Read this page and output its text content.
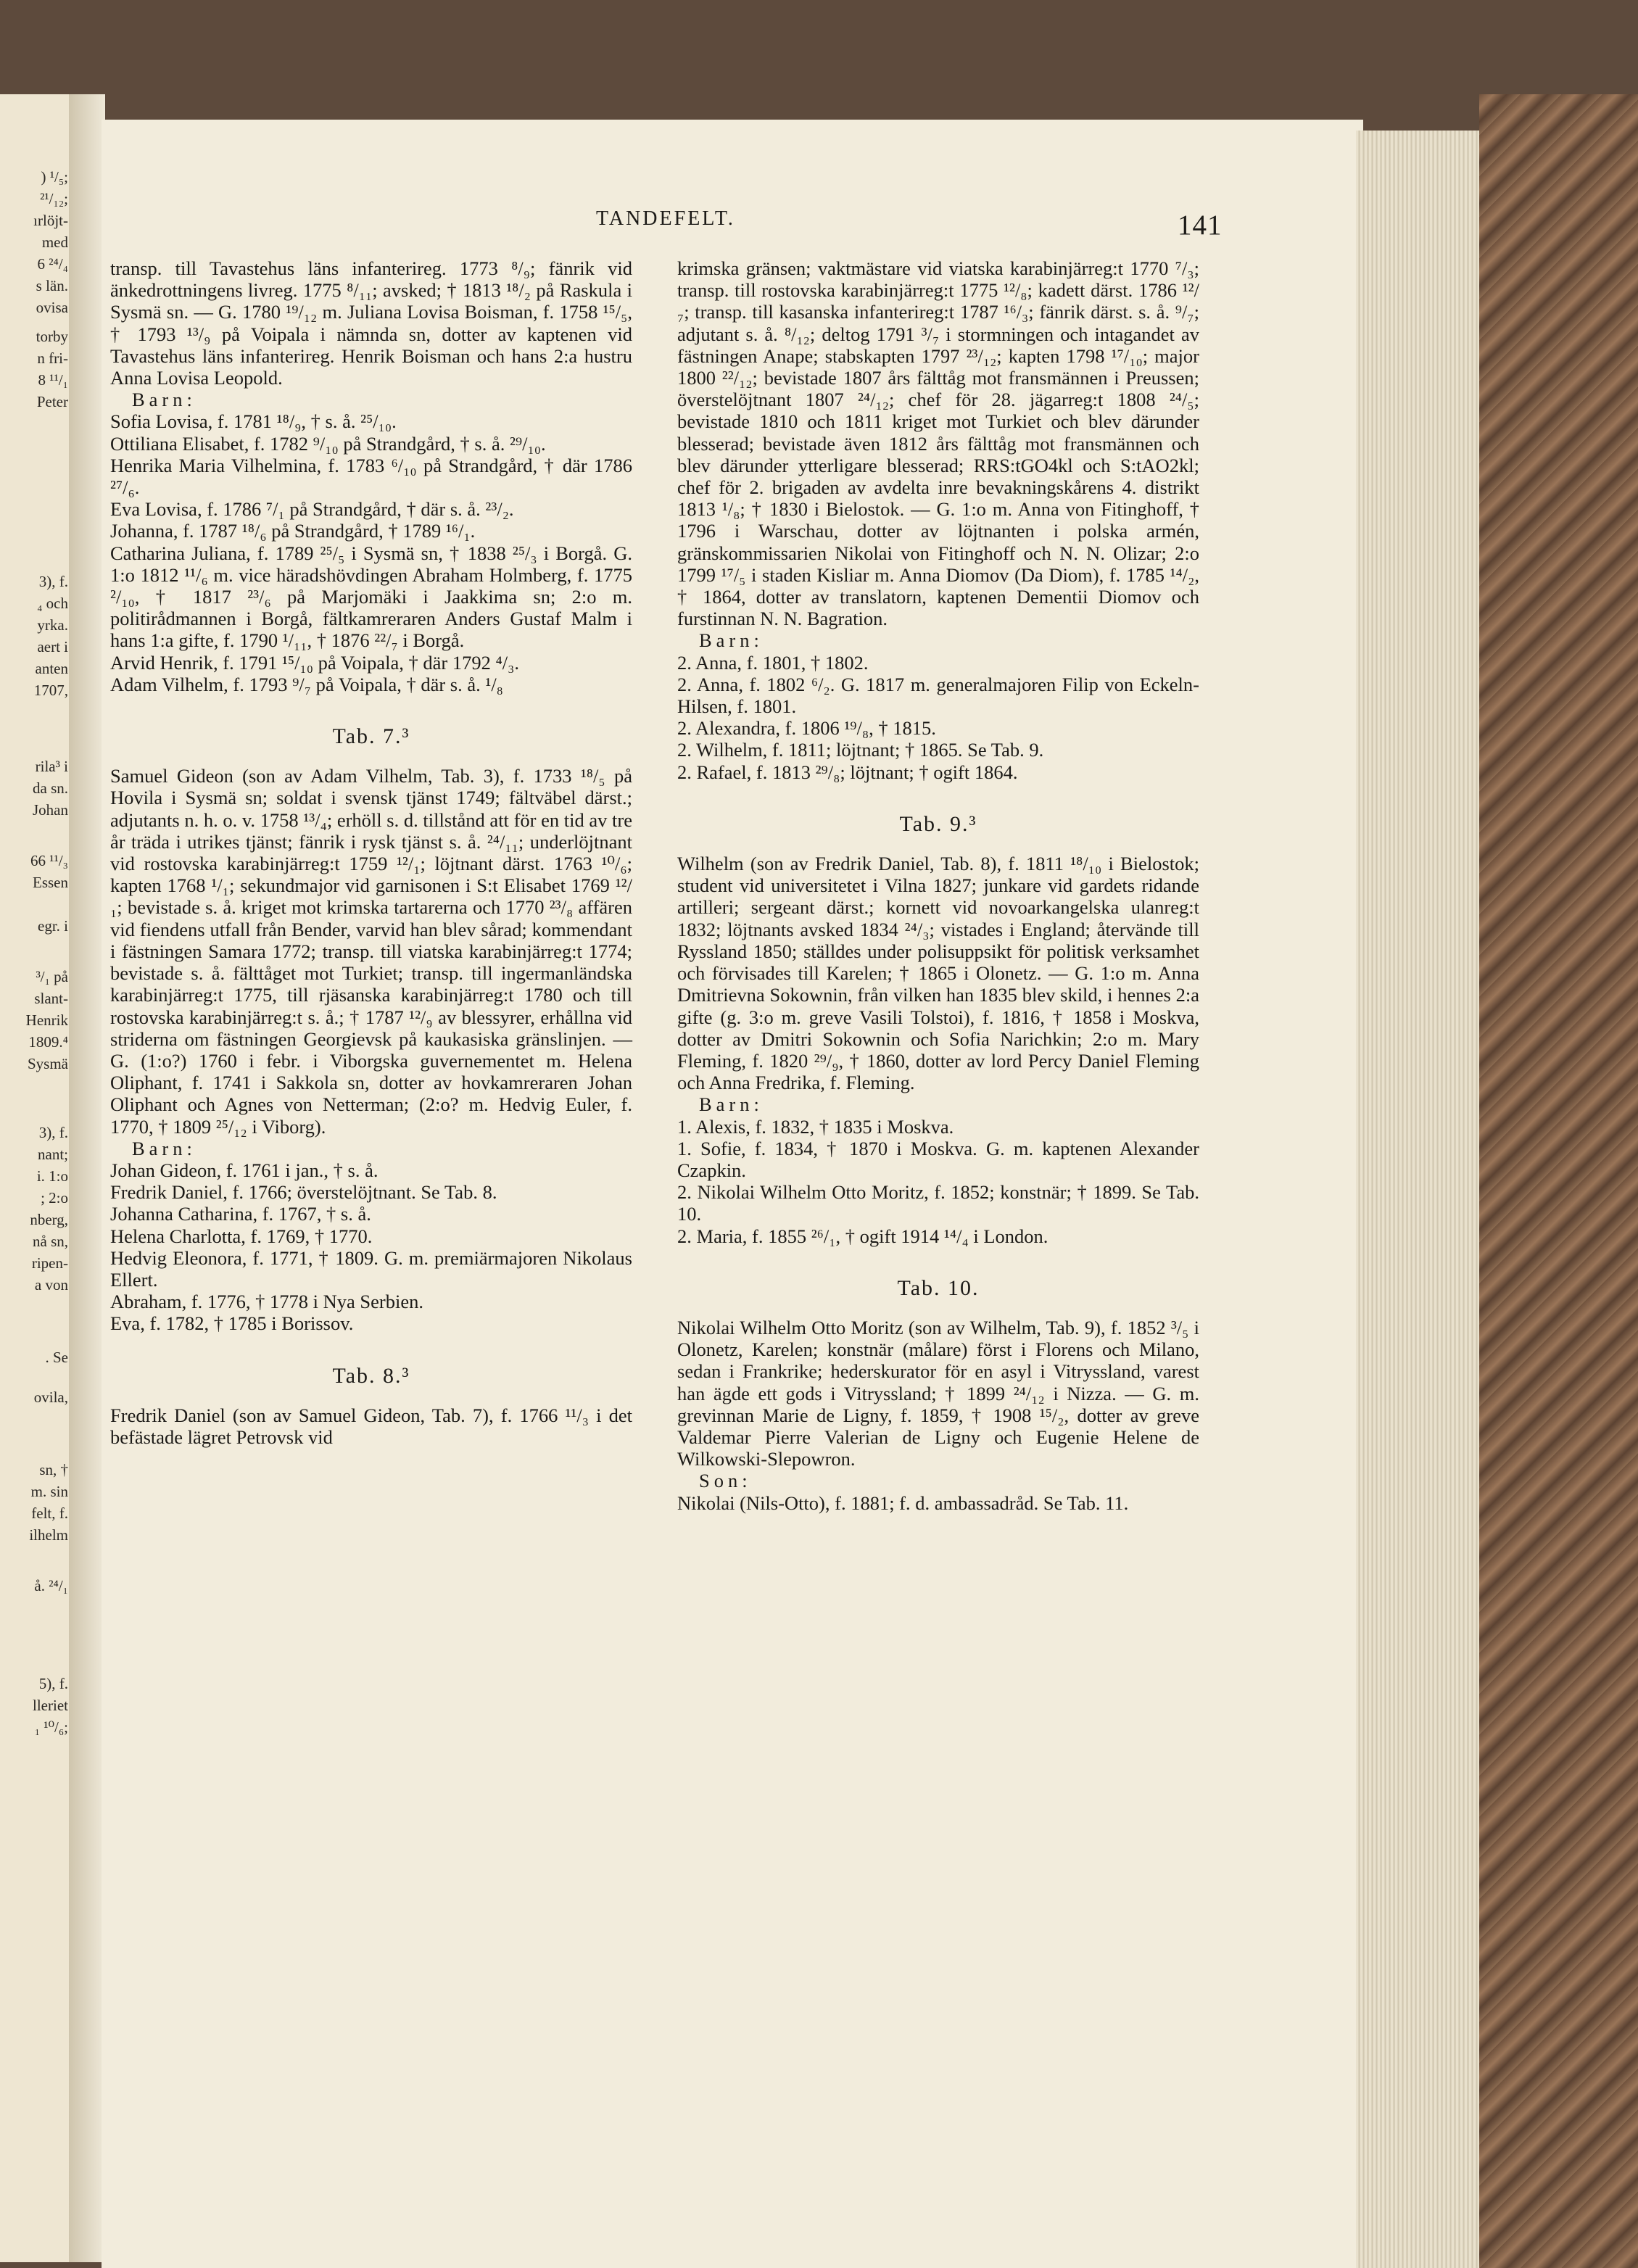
) ¹/₅;
²¹/₁₂;
ırlöjt-
med
6 ²⁴/₄
s län.
ovisa
torby
n fri-
8 ¹¹/₁
Peter
3), f.
₄ och
yrka.
aert i
anten
1707,
rila³ i
da sn.
Johan
66 ¹¹/₃
Essen
egr. i
³/₁ på
slant-
Henrik
1809.⁴
Sysmä
3), f.
nant;
i. 1:o
; 2:o
nberg,
nå sn,
ripen-
a von
. Se
ovila,
sn, †
m. sin
felt, f.
ilhelm
å. ²⁴/₁
5), f.
lleriet
₁ ¹⁰/₆;
TANDEFELT.	141

transp. till Tavastehus läns infanterireg. 1773 ⁸/₉; fänrik vid änkedrottningens livreg. 1775 ⁸/₁₁; avsked; † 1813 ¹⁸/₂ på Raskula i Sysmä sn. — G. 1780 ¹⁹/₁₂ m. Juliana Lovisa Boisman, f. 1758 ¹⁵/₅, † 1793 ¹³/₉ på Voipala i nämnda sn, dotter av kaptenen vid Tavastehus läns infanterireg. Henrik Boisman och hans 2:a hustru Anna Lovisa Leopold.

Barn:

Sofia Lovisa, f. 1781 ¹⁸/₉, † s. å. ²⁵/₁₀.

Ottiliana Elisabet, f. 1782 ⁹/₁₀ på Strandgård, † s. å. ²⁹/₁₀.

Henrika Maria Vilhelmina, f. 1783 ⁶/₁₀ på Strandgård, † där 1786 ²⁷/₆.

Eva Lovisa, f. 1786 ⁷/₁ på Strandgård, † där s. å. ²³/₂.

Johanna, f. 1787 ¹⁸/₆ på Strandgård, † 1789 ¹⁶/₁.

Catharina Juliana, f. 1789 ²⁵/₅ i Sysmä sn, † 1838 ²⁵/₃ i Borgå. G. 1:o 1812 ¹¹/₆ m. vice häradshövdingen Abraham Holmberg, f. 1775 ²/₁₀, † 1817 ²³/₆ på Marjomäki i Jaakkima sn; 2:o m. politirådmannen i Borgå, fältkamreraren Anders Gustaf Malm i hans 1:a gifte, f. 1790 ¹/₁₁, † 1876 ²²/₇ i Borgå.

Arvid Henrik, f. 1791 ¹⁵/₁₀ på Voipala, † där 1792 ⁴/₃.

Adam Vilhelm, f. 1793 ⁹/₇ på Voipala, † där s. å. ¹/₈

Tab. 7.³

Samuel Gideon (son av Adam Vilhelm, Tab. 3), f. 1733 ¹⁸/₅ på Hovila i Sysmä sn; soldat i svensk tjänst 1749; fältväbel därst.; adjutants n. h. o. v. 1758 ¹³/₄; erhöll s. d. tillstånd att för en tid av tre år träda i utrikes tjänst; fänrik i rysk tjänst s. å. ²⁴/₁₁; underlöjtnant vid rostovska karabinjärreg:t 1759 ¹²/₁; löjtnant därst. 1763 ¹⁰/₆; kapten 1768 ¹/₁; sekundmajor vid garnisonen i S:t Elisabet 1769 ¹²/₁; bevistade s. å. kriget mot krimska tartarerna och 1770 ²³/₈ affären vid fiendens utfall från Bender, varvid han blev sårad; kommendant i fästningen Samara 1772; transp. till viatska karabinjärreg:t 1774; bevistade s. å. fälttåget mot Turkiet; transp. till ingermanländska karabinjärreg:t 1775, till rjäsanska karabinjärreg:t 1780 och till rostovska karabinjärreg:t s. å.; † 1787 ¹²/₉ av blessyrer, erhållna vid striderna om fästningen Georgievsk på kaukasiska gränslinjen. — G. (1:o?) 1760 i febr. i Viborgska guvernementet m. Helena Oliphant, f. 1741 i Sakkola sn, dotter av hovkamreraren Johan Oliphant och Agnes von Netterman; (2:o? m. Hedvig Euler, f. 1770, † 1809 ²⁵/₁₂ i Viborg).

Barn:

Johan Gideon, f. 1761 i jan., † s. å.

Fredrik Daniel, f. 1766; överstelöjtnant. Se Tab. 8.

Johanna Catharina, f. 1767, † s. å.

Helena Charlotta, f. 1769, † 1770.

Hedvig Eleonora, f. 1771, † 1809. G. m. premiärmajoren Nikolaus Ellert.

Abraham, f. 1776, † 1778 i Nya Serbien.

Eva, f. 1782, † 1785 i Borissov.

Tab. 8.³

Fredrik Daniel (son av Samuel Gideon, Tab. 7), f. 1766 ¹¹/₃ i det befästade lägret Petrovsk vid

krimska gränsen; vaktmästare vid viatska karabinjärreg:t 1770 ⁷/₃; transp. till rostovska karabinjärreg:t 1775 ¹²/₈; kadett därst. 1786 ¹²/₇; transp. till kasanska infanterireg:t 1787 ¹⁶/₃; fänrik därst. s. å. ⁹/₇; adjutant s. å. ⁸/₁₂; deltog 1791 ³/₇ i stormningen och intagandet av fästningen Anape; stabskapten 1797 ²³/₁₂; kapten 1798 ¹⁷/₁₀; major 1800 ²²/₁₂; bevistade 1807 års fälttåg mot fransmännen i Preussen; överstelöjtnant 1807 ²⁴/₁₂; chef för 28. jägarreg:t 1808 ²⁴/₅; bevistade 1810 och 1811 kriget mot Turkiet och blev därunder blesserad; bevistade även 1812 års fälttåg mot fransmännen och blev därunder ytterligare blesserad; RRS:tGO4kl och S:tAO2kl; chef för 2. brigaden av avdelta inre bevakningskårens 4. distrikt 1813 ¹/₈; † 1830 i Bielostok. — G. 1:o m. Anna von Fitinghoff, † 1796 i Warschau, dotter av löjtnanten i polska armén, gränskommissarien Nikolai von Fitinghoff och N. N. Olizar; 2:o 1799 ¹⁷/₅ i staden Kisliar m. Anna Diomov (Da Diom), f. 1785 ¹⁴/₂, † 1864, dotter av translatorn, kaptenen Dementii Diomov och furstinnan N. N. Bagration.

Barn:

2. Anna, f. 1801, † 1802.

2. Anna, f. 1802 ⁶/₂. G. 1817 m. generalmajoren Filip von Eckeln-Hilsen, f. 1801.

2. Alexandra, f. 1806 ¹⁹/₈, † 1815.

2. Wilhelm, f. 1811; löjtnant; † 1865. Se Tab. 9.

2. Rafael, f. 1813 ²⁹/₈; löjtnant; † ogift 1864.

Tab. 9.³

Wilhelm (son av Fredrik Daniel, Tab. 8), f. 1811 ¹⁸/₁₀ i Bielostok; student vid universitetet i Vilna 1827; junkare vid gardets ridande artilleri; sergeant därst.; kornett vid novoarkangelska ulanreg:t 1832; löjtnants avsked 1834 ²⁴/₃; vistades i England; återvände till Ryssland 1850; ställdes under polisuppsikt för politisk verksamhet och förvisades till Karelen; † 1865 i Olonetz. — G. 1:o m. Anna Dmitrievna Sokownin, från vilken han 1835 blev skild, i hennes 2:a gifte (g. 3:o m. greve Vasili Tolstoi), f. 1816, † 1858 i Moskva, dotter av Dmitri Sokownin och Sofia Narichkin; 2:o m. Mary Fleming, f. 1820 ²⁹/₉, † 1860, dotter av lord Percy Daniel Fleming och Anna Fredrika, f. Fleming.

Barn:

1. Alexis, f. 1832, † 1835 i Moskva.

1. Sofie, f. 1834, † 1870 i Moskva. G. m. kaptenen Alexander Czapkin.

2. Nikolai Wilhelm Otto Moritz, f. 1852; konstnär; † 1899. Se Tab. 10.

2. Maria, f. 1855 ²⁶/₁, † ogift 1914 ¹⁴/₄ i London.

Tab. 10.

Nikolai Wilhelm Otto Moritz (son av Wilhelm, Tab. 9), f. 1852 ³/₅ i Olonetz, Karelen; konstnär (målare) först i Florens och Milano, sedan i Frankrike; hederskurator för en asyl i Vitryssland, varest han ägde ett gods i Vitryssland; † 1899 ²⁴/₁₂ i Nizza. — G. m. grevinnan Marie de Ligny, f. 1859, † 1908 ¹⁵/₂, dotter av greve Valdemar Pierre Valerian de Ligny och Eugenie Helene de Wilkowski-Slepowron.

Son:

Nikolai (Nils-Otto), f. 1881; f. d. ambassadråd. Se Tab. 11.
